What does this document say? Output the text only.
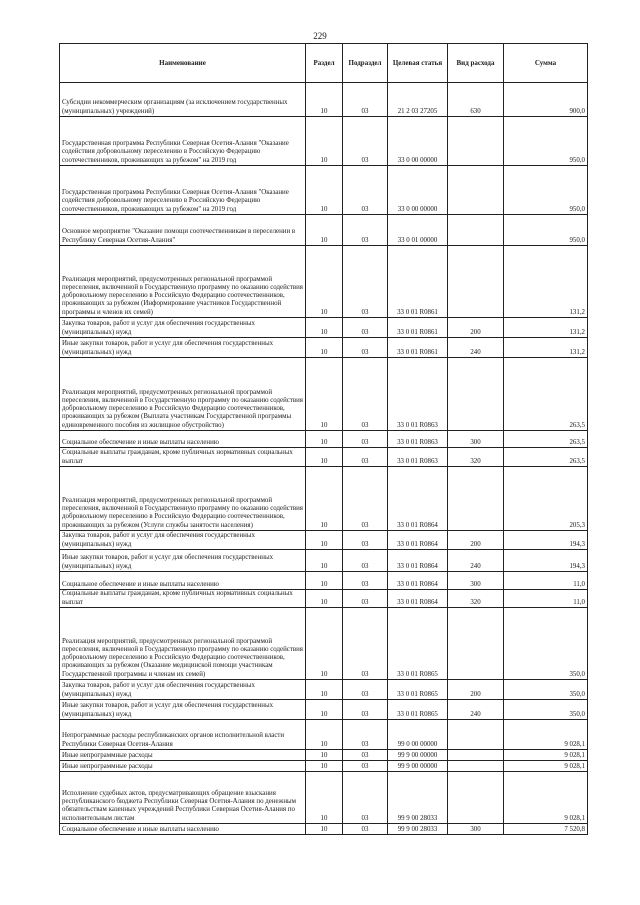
229
Наименование	Раздел	Подраздел	Целевая статья	Вид расхода	Сумма
Субсидии некоммерческим организациям (за исключением государственных (муниципальных) учреждений)	10	03	21 2 03 27205	630	900,0
Государственная программа Республики Северная Осетия-Алания "Оказание содействия добровольному переселению в Российскую Федерацию соотечественников, проживающих за рубежом" на 2019 год	10	03	33 0 00 00000		950,0
Государственная программа Республики Северная Осетия-Алания "Оказание содействия добровольному переселению в Российскую Федерацию соотечественников, проживающих за рубежом" на 2019 год	10	03	33 0 00 00000		950,0
Основное мероприятие "Оказание помощи соотечественникам в переселении в Республику Северная Осетия-Алания"	10	03	33 0 01 00000		950,0
Реализация мероприятий, предусмотренных региональной программой переселения, включенной в Государственную программу по оказанию содействия добровольному переселению в Российскую Федерацию соотечественников, проживающих за рубежом (Информирование участников Государственной программы и членов их семей)	10	03	33 0 01 R0861		131,2
Закупка товаров, работ и услуг для обеспечения государственных (муниципальных) нужд	10	03	33 0 01 R0861	200	131,2
Иные закупки товаров, работ и услуг для обеспечения государственных (муниципальных) нужд	10	03	33 0 01 R0861	240	131,2
Реализация мероприятий, предусмотренных региональной программой переселения, включенной в Государственную программу по оказанию содействия добровольному переселению в Российскую Федерацию соотечественников, проживающих за рубежом (Выплата участникам Государственной программы единовременного пособия из жилищное обустройство)	10	03	33 0 01 R0863		263,5
Социальное обеспечение и иные выплаты населению	10	03	33 0 01 R0863	300	263,5
Социальные выплаты гражданам, кроме публичных нормативных социальных выплат	10	03	33 0 01 R0863	320	263,5
Реализация мероприятий, предусмотренных региональной программой переселения, включенной в Государственную программу по оказанию содействия добровольному переселению в Российскую Федерацию соотечественников, проживающих за рубежом (Услуги службы занятости населения)	10	03	33 0 01 R0864		205,3
Закупка товаров, работ и услуг для обеспечения государственных (муниципальных) нужд	10	03	33 0 01 R0864	200	194,3
Иные закупки товаров, работ и услуг для обеспечения государственных (муниципальных) нужд	10	03	33 0 01 R0864	240	194,3
Социальное обеспечение и иные выплаты населению	10	03	33 0 01 R0864	300	11,0
Социальные выплаты гражданам, кроме публичных нормативных социальных выплат	10	03	33 0 01 R0864	320	11,0
Реализация мероприятий, предусмотренных региональной программой переселения, включенной в Государственную программу по оказанию содействия добровольному переселению в Российскую Федерацию соотечественников, проживающих за рубежом (Оказание медицинской помощи участникам Государственной программы и членам их семей)	10	03	33 0 01 R0865		350,0
Закупка товаров, работ и услуг для обеспечения государственных (муниципальных) нужд	10	03	33 0 01 R0865	200	350,0
Иные закупки товаров, работ и услуг для обеспечения государственных (муниципальных) нужд	10	03	33 0 01 R0865	240	350,0
Непрограммные расходы республиканских органов исполнительной власти Республики Северная Осетия-Алания	10	03	99 0 00 00000		9 028,1
Иные непрограммные расходы	10	03	99 9 00 00000		9 028,1
Иные непрограммные расходы	10	03	99 9 00 00000		9 028,1
Исполнение судебных актов, предусматривающих обращение взыскания республиканского бюджета Республики Северная Осетия-Алания по денежным обязательствам казенных учреждений Республики Северная Осетия-Алания по исполнительным листам	10	03	99 9 00 28033		9 028,1
Социальное обеспечение и иные выплаты населению	10	03	99 9 00 28033	300	7 520,8
